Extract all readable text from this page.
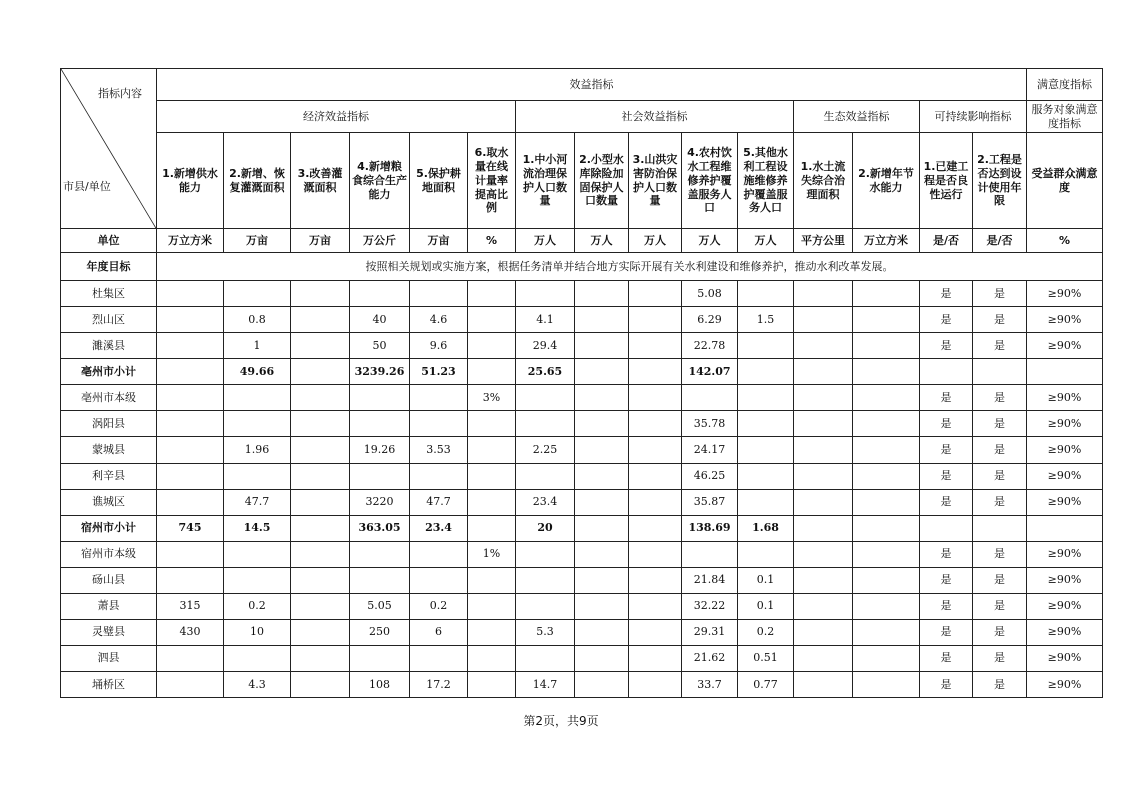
指标内容
市县/单位	效益指标															满意度指标
	经济效益指标						社会效益指标					生态效益指标		可持续影响指标		服务对象满意度指标
	1.新增供水能力	2.新增、恢复灌溉面积	3.改善灌溉面积	4.新增粮食综合生产能力	5.保护耕地面积	6.取水量在线计量率提高比例	1.中小河流治理保护人口数量	2.小型水库除险加固保护人口数量	3.山洪灾害防治保护人口数量	4.农村饮水工程维修养护覆盖服务人口	5.其他水利工程设施维修养护覆盖服务人口	1.水土流失综合治理面积	2.新增年节水能力	1.已建工程是否良性运行	2.工程是否达到设计使用年限	受益群众满意度
单位	万立方米	万亩	万亩	万公斤	万亩	%	万人	万人	万人	万人	万人	平方公里	万立方米	是/否	是/否	%
年度目标	按照相关规划或实施方案，根据任务清单并结合地方实际开展有关水利建设和维修养护，推动水利改革发展。															
杜集区										5.08				是	是	≥90%
烈山区		0.8		40	4.6		4.1			6.29	1.5			是	是	≥90%
濉溪县		1		50	9.6		29.4			22.78				是	是	≥90%
亳州市小计		49.66		3239.26	51.23		25.65			142.07						
亳州市本级						3%								是	是	≥90%
涡阳县										35.78				是	是	≥90%
蒙城县		1.96		19.26	3.53		2.25			24.17				是	是	≥90%
利辛县										46.25				是	是	≥90%
谯城区		47.7		3220	47.7		23.4			35.87				是	是	≥90%
宿州市小计	745	14.5		363.05	23.4		20			138.69	1.68					
宿州市本级						1%								是	是	≥90%
砀山县										21.84	0.1			是	是	≥90%
萧县	315	0.2		5.05	0.2					32.22	0.1			是	是	≥90%
灵璧县	430	10		250	6		5.3			29.31	0.2			是	是	≥90%
泗县										21.62	0.51			是	是	≥90%
埇桥区		4.3		108	17.2		14.7			33.7	0.77			是	是	≥90%
第2页，共9页
